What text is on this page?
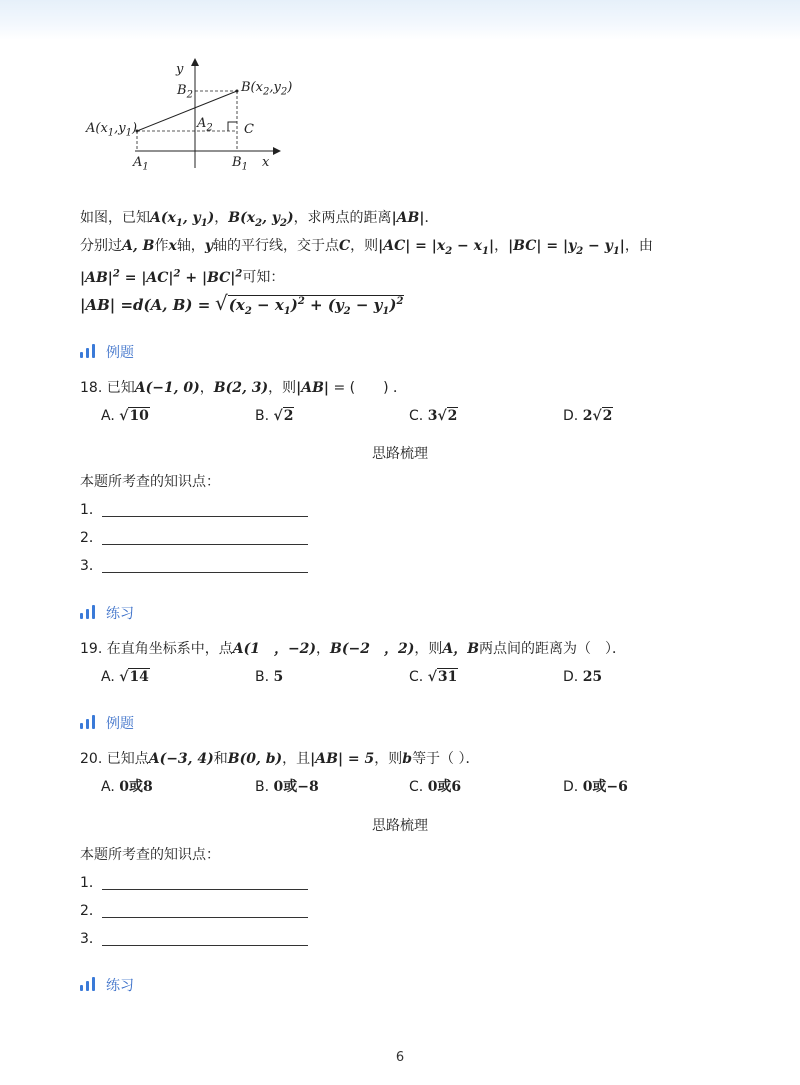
y
$B_2$
$B(x_2,y_2)$
$A(x_1,y_1)$	$A_2$ C
$A_1$	$B_1$ x
如图，已知$A(x_1$, $y_1$)，$B(x_2$, $y_2$)，求两点的距离|AB|．
分别过A, B作x轴，y轴的平行线，交于点C，则$|AC| = |x_2 - x_1|$，$|BC| = |y_2 - y_1|$，由
$|AB|^2 = |AC|^2 + |BC|^2$可知：
|AB| =d(A, $B) = √(x_2 - x_1)^2 + (y_2 - y_1)^2$
例题
18. 已知A(−1, 0)，B(2, 3)，则|AB| = (　　) ．
A. √10	B. √2	C. 3√2	D. 2√2
思路梳理
本题所考查的知识点：
1．
2．
3．
练习
19. 在直角坐标系中，点A(1　，−2)，B(−2　，2)，则A，B两点间的距离为（　）．
A. √14	B. 5	C. √31	D. 25
例题
20. 已知点A(−3, 4)和B(0, b)，且|AB| = 5，则b等于（ ）．
A. 0或8	B. 0或−8	C. 0或6	D. 0或−6
思路梳理
本题所考查的知识点：
1．
2．
3．
练习
6
